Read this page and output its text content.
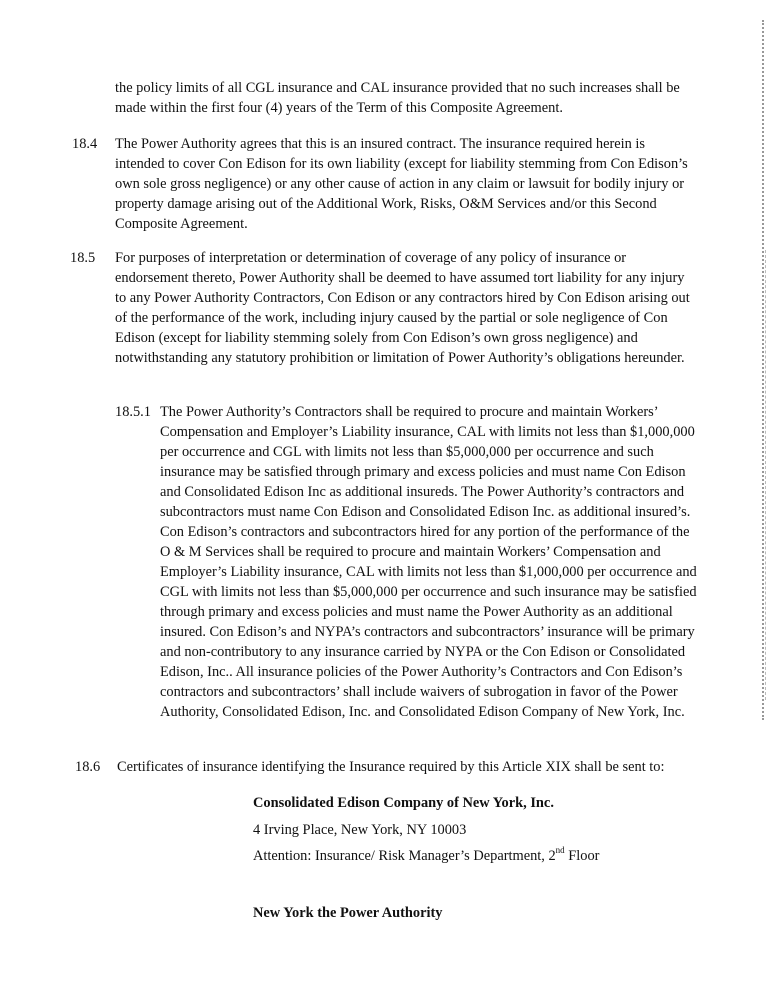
the policy limits of all CGL insurance and CAL insurance provided that no such increases shall be made within the first four (4) years of the Term of this Composite Agreement.

18.4 The Power Authority agrees that this is an insured contract. The insurance required herein is intended to cover Con Edison for its own liability (except for liability stemming from Con Edison’s own sole gross negligence) or any other cause of action in any claim or lawsuit for bodily injury or property damage arising out of the Additional Work, Risks, O&M Services and/or this Second Composite Agreement.

18.5 For purposes of interpretation or determination of coverage of any policy of insurance or endorsement thereto, Power Authority shall be deemed to have assumed tort liability for any injury to any Power Authority Contractors, Con Edison or any contractors hired by Con Edison arising out of the performance of the work, including injury caused by the partial or sole negligence of Con Edison (except for liability stemming solely from Con Edison’s own gross negligence) and notwithstanding any statutory prohibition or limitation of Power Authority’s obligations hereunder.

18.5.1 The Power Authority’s Contractors shall be required to procure and maintain Workers’ Compensation and Employer’s Liability insurance, CAL with limits not less than $1,000,000 per occurrence and CGL with limits not less than $5,000,000 per occurrence and such insurance may be satisfied through primary and excess policies and must name Con Edison and Consolidated Edison Inc as additional insureds. The Power Authority’s contractors and subcontractors must name Con Edison and Consolidated Edison Inc. as additional insured’s. Con Edison’s contractors and subcontractors hired for any portion of the performance of the O & M Services shall be required to procure and maintain Workers’ Compensation and Employer’s Liability insurance, CAL with limits not less than $1,000,000 per occurrence and CGL with limits not less than $5,000,000 per occurrence and such insurance may be satisfied through primary and excess policies and must name the Power Authority as an additional insured. Con Edison’s and NYPA’s contractors and subcontractors’ insurance will be primary and non-contributory to any insurance carried by NYPA or the Con Edison or Consolidated Edison, Inc.. All insurance policies of the Power Authority’s Contractors and Con Edison’s contractors and subcontractors’ shall include waivers of subrogation in favor of the Power Authority, Consolidated Edison, Inc. and Consolidated Edison Company of New York, Inc.

18.6 Certificates of insurance identifying the Insurance required by this Article XIX shall be sent to:

Consolidated Edison Company of New York, Inc.
4 Irving Place, New York, NY 10003
Attention: Insurance/ Risk Manager’s Department, 2nd Floor
New York the Power Authority
